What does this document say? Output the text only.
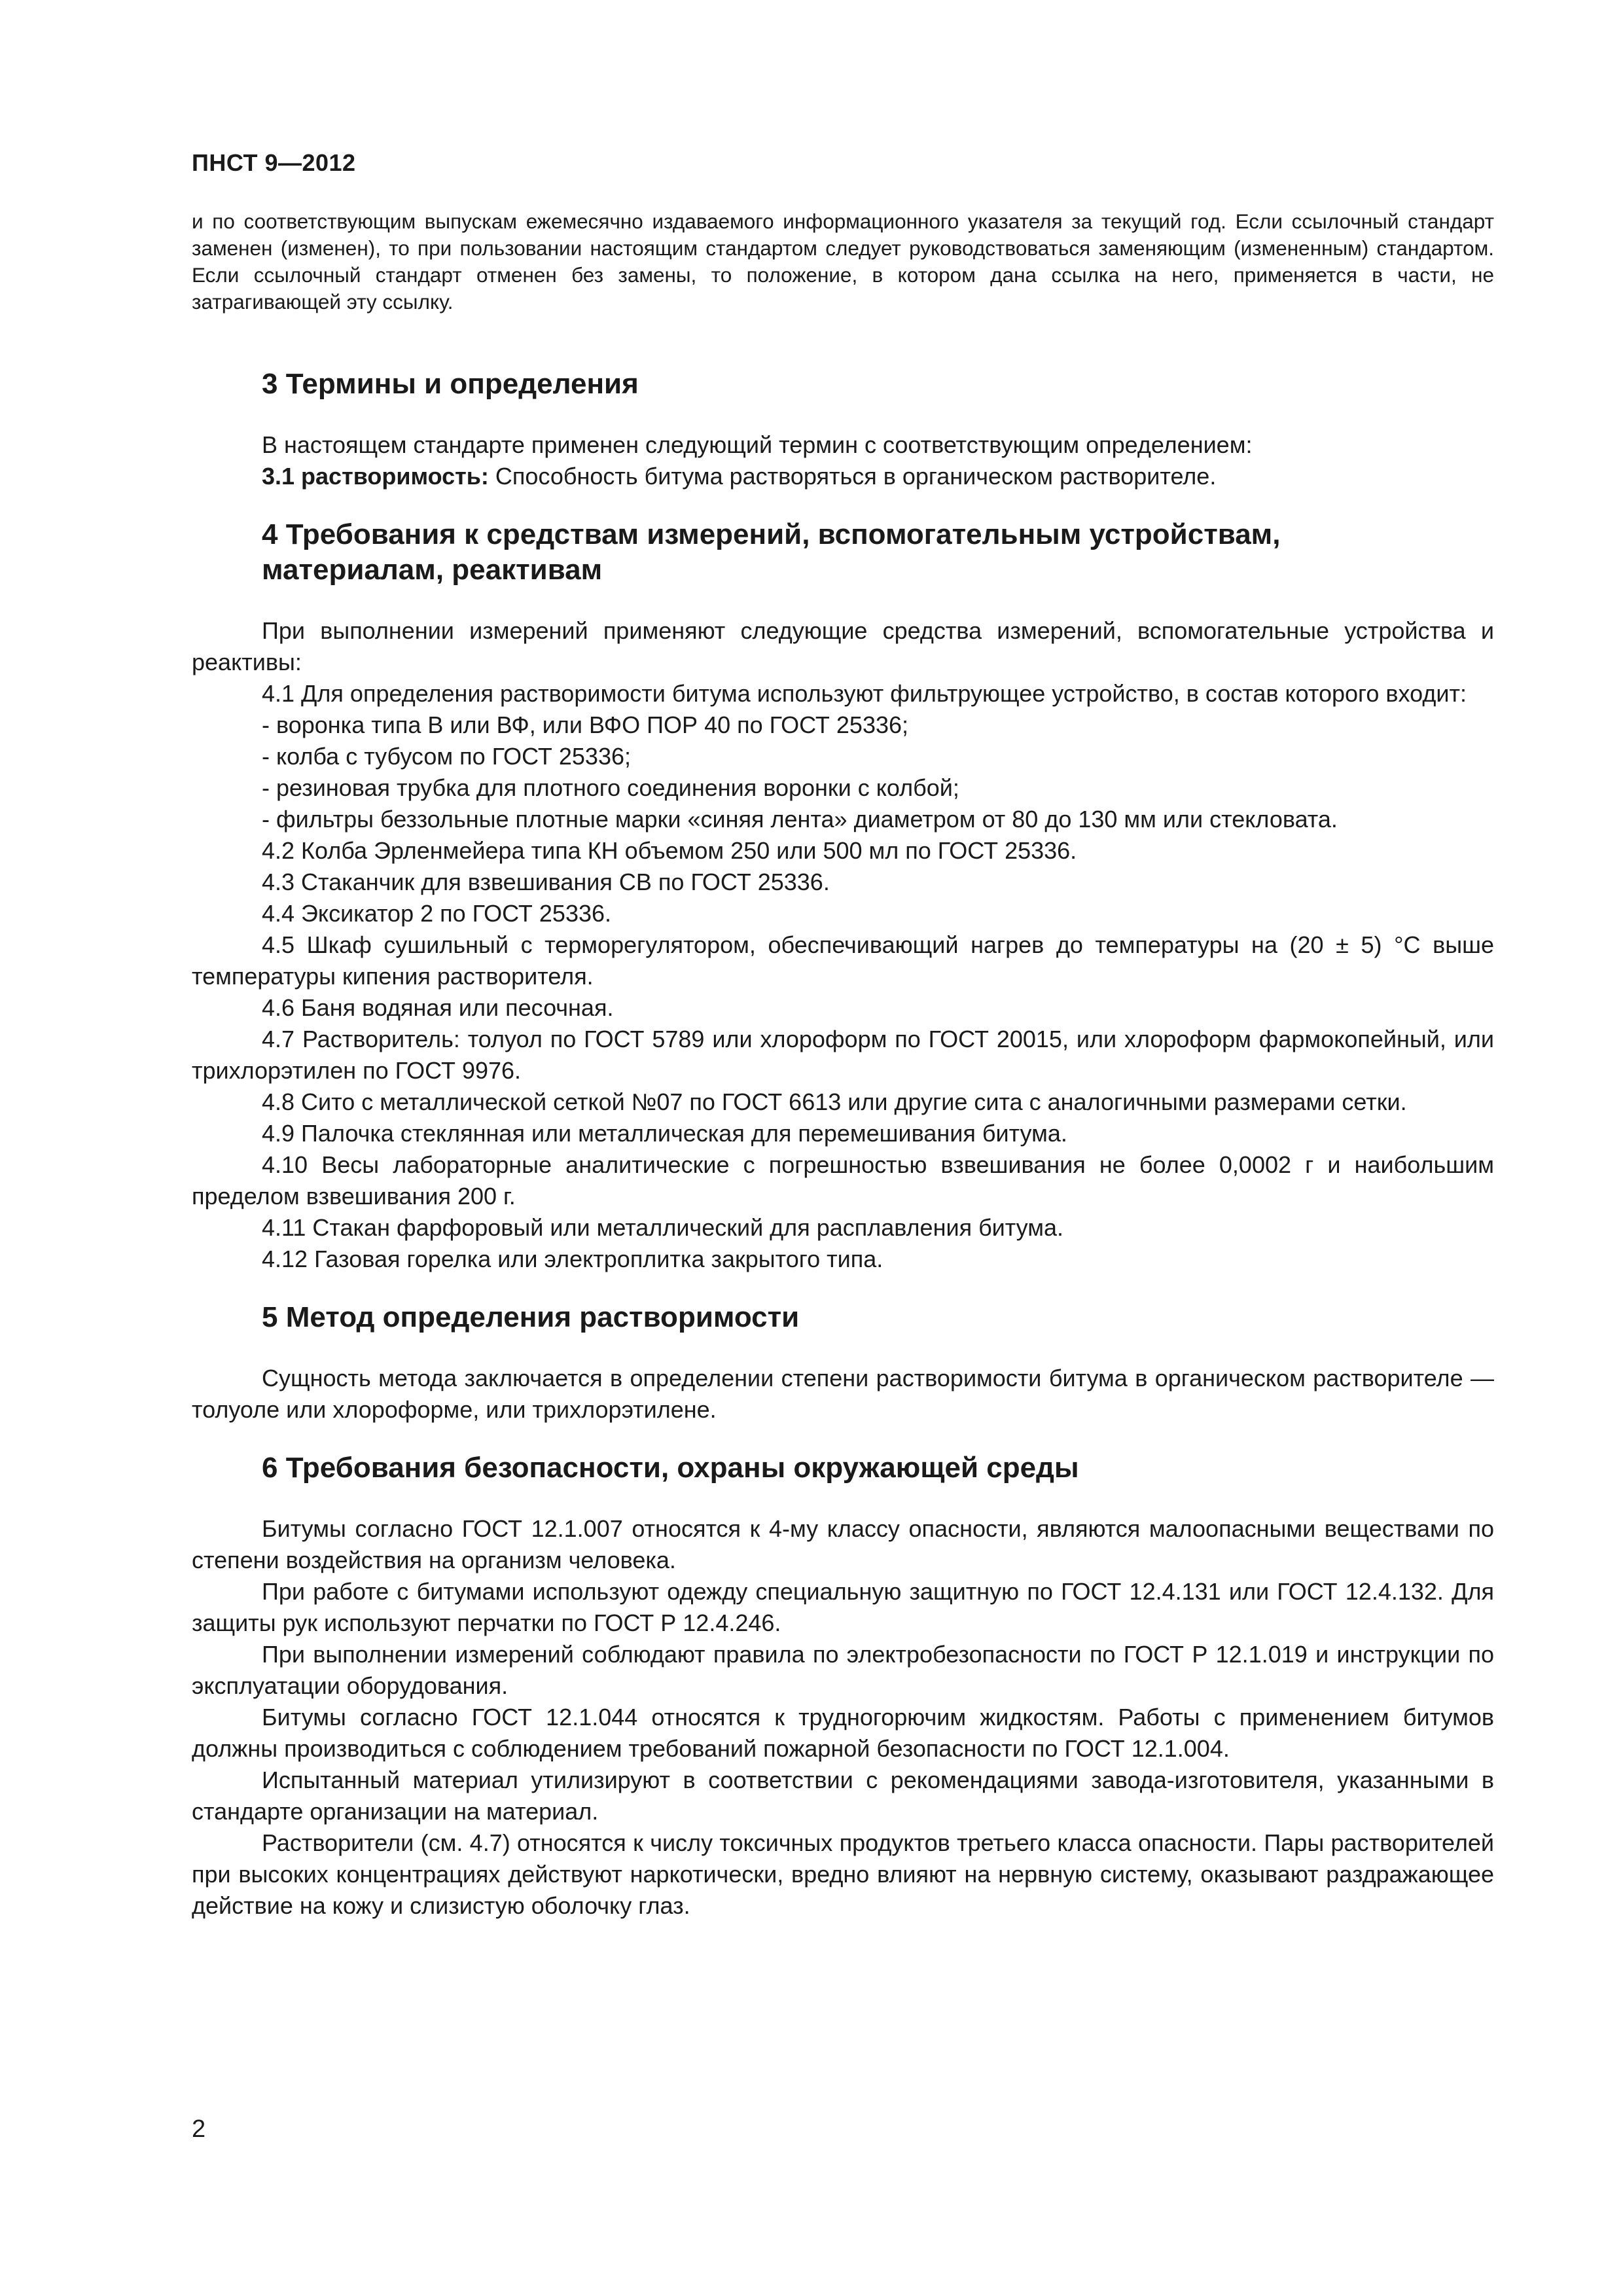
ПНСТ 9—2012

и по соответствующим выпускам ежемесячно издаваемого информационного указателя за текущий год. Если ссылочный стандарт заменен (изменен), то при пользовании настоящим стандартом следует руководствоваться заменяющим (измененным) стандартом. Если ссылочный стандарт отменен без замены, то положение, в котором дана ссылка на него, применяется в части, не затрагивающей эту ссылку.

3 Термины и определения

В настоящем стандарте применен следующий термин с соответствующим определением:

3.1 растворимость: Способность битума растворяться в органическом растворителе.

4 Требования к средствам измерений, вспомогательным устройствам,
материалам, реактивам

При выполнении измерений применяют следующие средства измерений, вспомогательные устройства и реактивы:

4.1 Для определения растворимости битума используют фильтрующее устройство, в состав которого входит:

- воронка типа В или ВФ, или ВФО ПОР 40 по ГОСТ 25336;

- колба с тубусом по ГОСТ 25336;

- резиновая трубка для плотного соединения воронки с колбой;

- фильтры беззольные плотные марки «синяя лента» диаметром от 80 до 130 мм или стекловата.

4.2 Колба Эрленмейера типа КН объемом 250 или 500 мл по ГОСТ 25336.

4.3 Стаканчик для взвешивания СВ по ГОСТ 25336.

4.4 Эксикатор 2 по ГОСТ 25336.

4.5 Шкаф сушильный с терморегулятором, обеспечивающий нагрев до температуры на (20 ± 5) °С выше температуры кипения растворителя.

4.6 Баня водяная или песочная.

4.7 Растворитель: толуол по ГОСТ 5789 или хлороформ по ГОСТ 20015, или хлороформ фармокопейный, или трихлорэтилен по ГОСТ 9976.

4.8 Сито с металлической сеткой №07 по ГОСТ 6613 или другие сита с аналогичными размерами сетки.

4.9 Палочка стеклянная или металлическая для перемешивания битума.

4.10 Весы лабораторные аналитические с погрешностью взвешивания не более 0,0002 г и наибольшим пределом взвешивания 200 г.

4.11 Стакан фарфоровый или металлический для расплавления битума.

4.12 Газовая горелка или электроплитка закрытого типа.

5 Метод определения растворимости

Сущность метода заключается в определении степени растворимости битума в органическом растворителе — толуоле или хлороформе, или трихлорэтилене.

6 Требования безопасности, охраны окружающей среды

Битумы согласно ГОСТ 12.1.007 относятся к 4-му классу опасности, являются малоопасными веществами по степени воздействия на организм человека.

При работе с битумами используют одежду специальную защитную по ГОСТ 12.4.131 или ГОСТ 12.4.132. Для защиты рук используют перчатки по ГОСТ Р 12.4.246.

При выполнении измерений соблюдают правила по электробезопасности по ГОСТ Р 12.1.019 и инструкции по эксплуатации оборудования.

Битумы согласно ГОСТ 12.1.044 относятся к трудногорючим жидкостям. Работы с применением битумов должны производиться с соблюдением требований пожарной безопасности по ГОСТ 12.1.004.

Испытанный материал утилизируют в соответствии с рекомендациями завода-изготовителя, указанными в стандарте организации на материал.

Растворители (см. 4.7) относятся к числу токсичных продуктов третьего класса опасности. Пары растворителей при высоких концентрациях действуют наркотически, вредно влияют на нервную систему, оказывают раздражающее действие на кожу и слизистую оболочку глаз.

2
